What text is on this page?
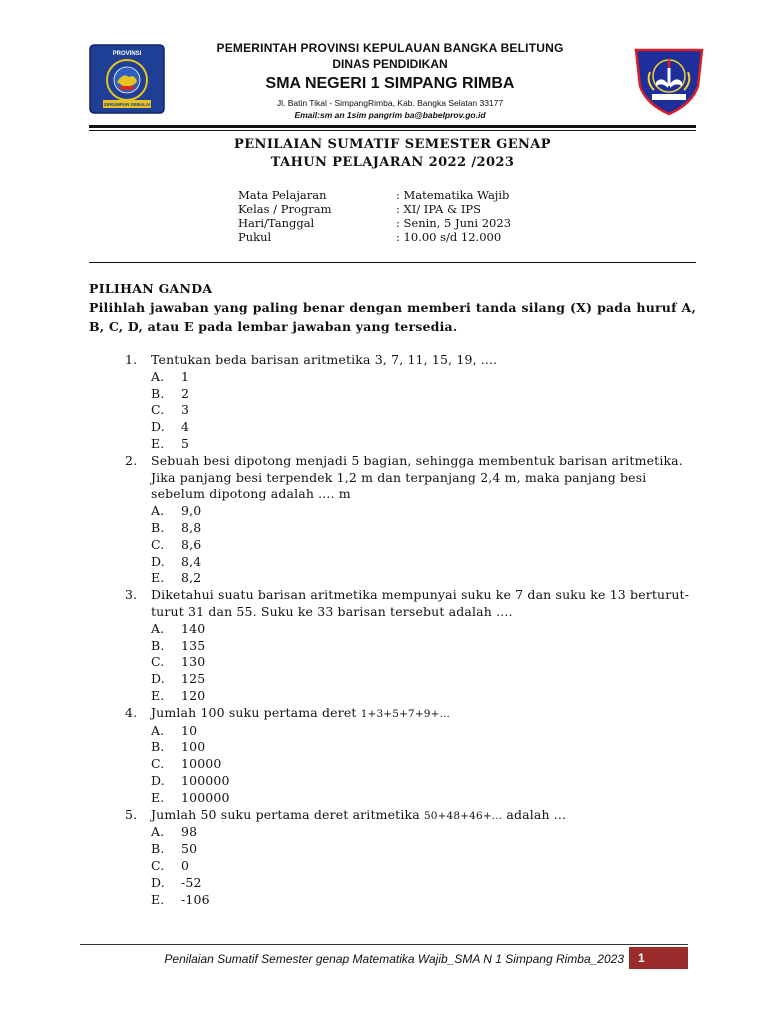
PROVINSI
SERUMPUN SEBALAI
PEMERINTAH PROVINSI KEPULAUAN BANGKA BELITUNG
DINAS PENDIDIKAN
SMA NEGERI 1 SIMPANG RIMBA
Jl. Batin Tikal - SimpangRimba, Kab. Bangka Selatan 33177
Email:sm an 1sim pangrim ba@babelprov.go.id
PENILAIAN SUMATIF SEMESTER GENAP
TAHUN PELAJARAN 2022 /2023
Mata Pelajaran	: Matematika Wajib
Kelas / Program	: XI/ IPA & IPS
Hari/Tanggal	: Senin, 5 Juni 2023
Pukul	: 10.00 s/d 12.000
PILIHAN GANDA
Pilihlah jawaban yang paling benar dengan memberi tanda silang (X) pada huruf A, B, C, D, atau E pada lembar jawaban yang tersedia.
1.	Tentukan beda barisan aritmetika 3, 7, 11, 15, 19, ....
A.	1
B.	2
C.	3
D.	4
E.	5
2.	Sebuah besi dipotong menjadi 5 bagian, sehingga membentuk barisan aritmetika. Jika panjang besi terpendek 1,2 m dan terpanjang 2,4 m, maka panjang besi sebelum dipotong adalah .... m
A.	9,0
B.	8,8
C.	8,6
D.	8,4
E.	8,2
3.	Diketahui suatu barisan aritmetika mempunyai suku ke 7 dan suku ke 13 berturut-turut 31 dan 55. Suku ke 33 barisan tersebut adalah ....
A.	140
B.	135
C.	130
D.	125
E.	120
4.	Jumlah 100 suku pertama deret 1+3+5+7+9+...
A.	10
B.	100
C.	10000
D.	100000
E.	100000
5.	Jumlah 50 suku pertama deret aritmetika 50+48+46+... adalah ...
A.	98
B.	50
C.	0
D.	-52
E.	-106
Penilaian Sumatif Semester genap Matematika Wajib_SMA N 1 Simpang Rimba_2023	1
